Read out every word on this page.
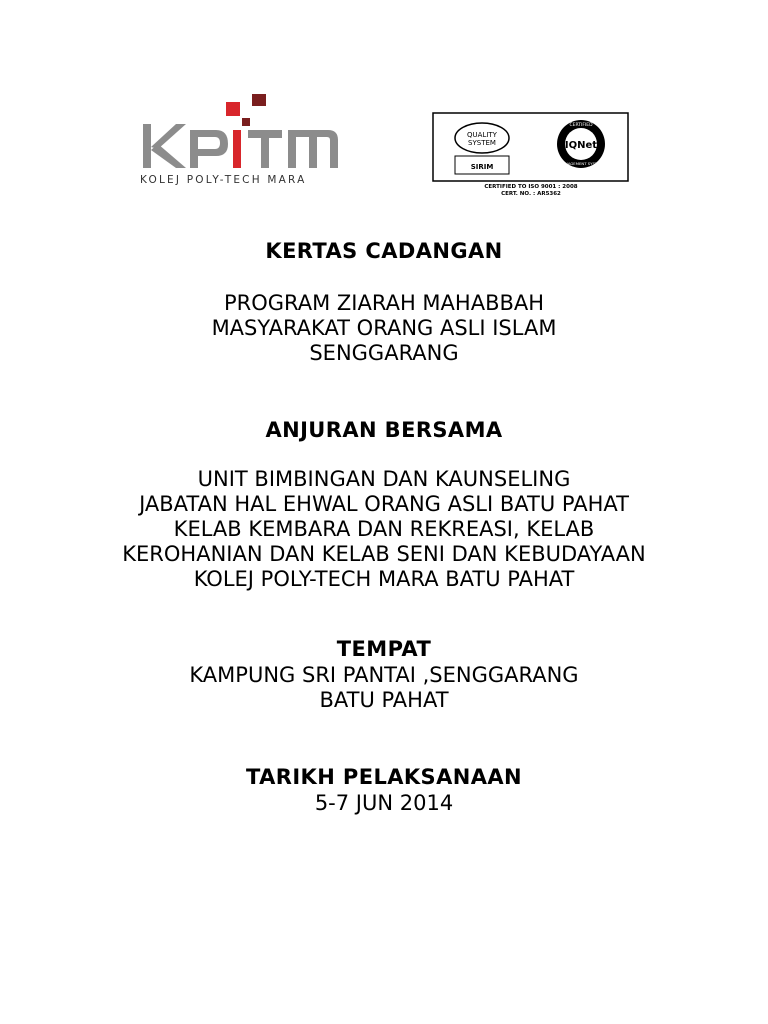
KOLEJ POLY-TECH MARA
QUALITY
SYSTEM
SIRIM
IQNet
CERTIFIED
MANAGEMENT SYSTEM
CERTIFIED TO ISO 9001 : 2008
CERT. NO. : AR5362
KERTAS CADANGAN
PROGRAM ZIARAH MAHABBAH
MASYARAKAT ORANG ASLI ISLAM
SENGGARANG
ANJURAN BERSAMA
UNIT BIMBINGAN DAN KAUNSELING
JABATAN HAL EHWAL ORANG ASLI BATU PAHAT
KELAB KEMBARA DAN REKREASI, KELAB
KEROHANIAN DAN KELAB SENI DAN KEBUDAYAAN
KOLEJ POLY-TECH MARA BATU PAHAT
TEMPAT
KAMPUNG SRI PANTAI ,SENGGARANG
BATU PAHAT
TARIKH PELAKSANAAN
5-7 JUN 2014
